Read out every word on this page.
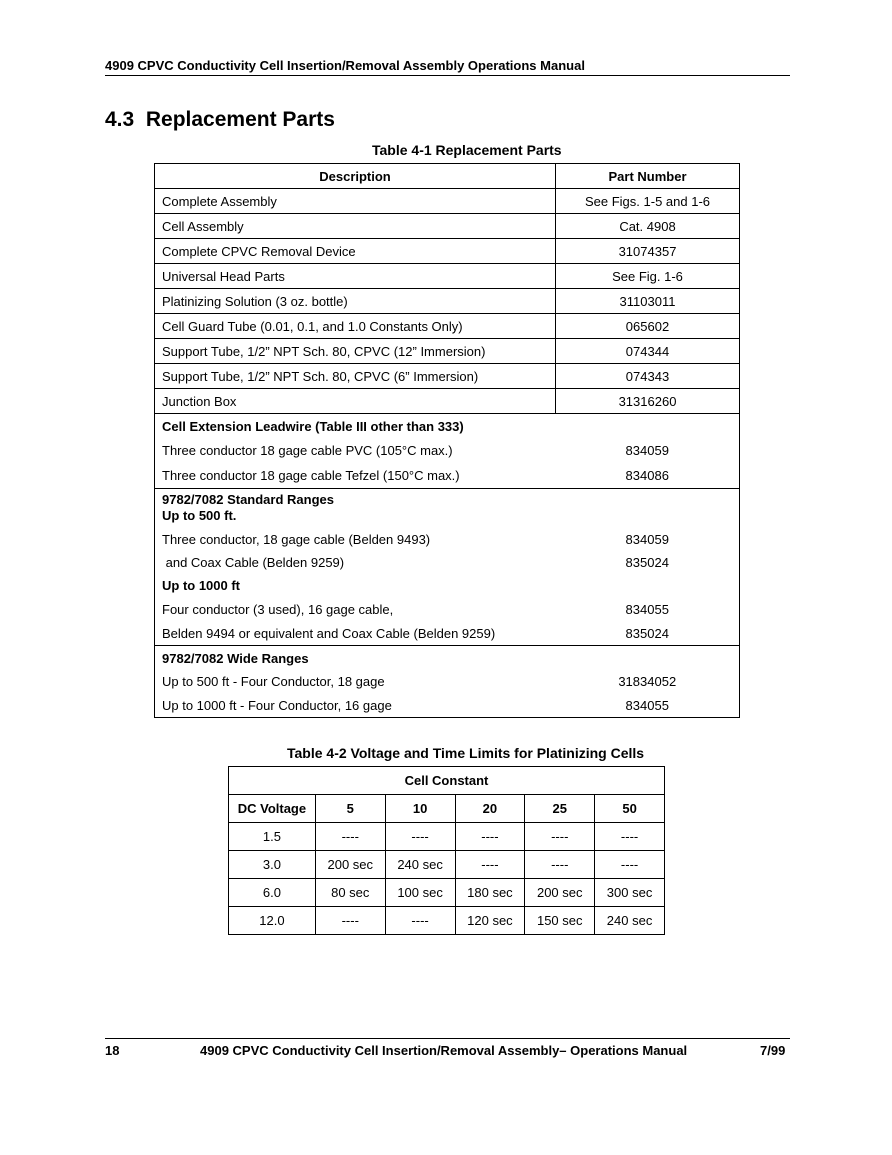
4909 CPVC Conductivity Cell Insertion/Removal Assembly Operations Manual
4.3  Replacement Parts
Table 4-1 Replacement Parts
Description	Part Number
Complete Assembly	See Figs. 1-5 and 1-6
Cell Assembly	Cat. 4908
Complete CPVC Removal Device	31074357
Universal Head Parts	See Fig. 1-6
Platinizing Solution (3 oz. bottle)	31103011
Cell Guard Tube (0.01, 0.1, and 1.0 Constants Only)	065602
Support Tube, 1/2” NPT Sch. 80, CPVC (12” Immersion)	074344
Support Tube, 1/2” NPT Sch. 80, CPVC (6” Immersion)	074343
Junction Box	31316260
Cell Extension Leadwire (Table III other than 333)	
Three conductor 18 gage cable PVC (105°C max.)	834059
Three conductor 18 gage cable Tefzel (150°C max.)	834086

9782/7082 Standard Ranges
Up to 500 ft.	

Three conductor, 18 gage cable (Belden 9493)	834059
and Coax Cable (Belden 9259)	835024
Up to 1000 ft	
Four conductor (3 used), 16 gage cable,	834055
Belden 9494 or equivalent and Coax Cable (Belden 9259)	835024
9782/7082 Wide Ranges	
Up to 500 ft - Four Conductor, 18 gage	31834052
Up to 1000 ft - Four Conductor, 16 gage	834055
Table 4-2 Voltage and Time Limits for Platinizing Cells
Cell Constant					
DC Voltage	5	10	20	25	50
1.5	----	----	----	----	----
3.0	200 sec	240 sec	----	----	----
6.0	80 sec	100 sec	180 sec	200 sec	300 sec
12.0	----	----	120 sec	150 sec	240 sec
18	4909 CPVC Conductivity Cell Insertion/Removal Assembly– Operations Manual	7/99
